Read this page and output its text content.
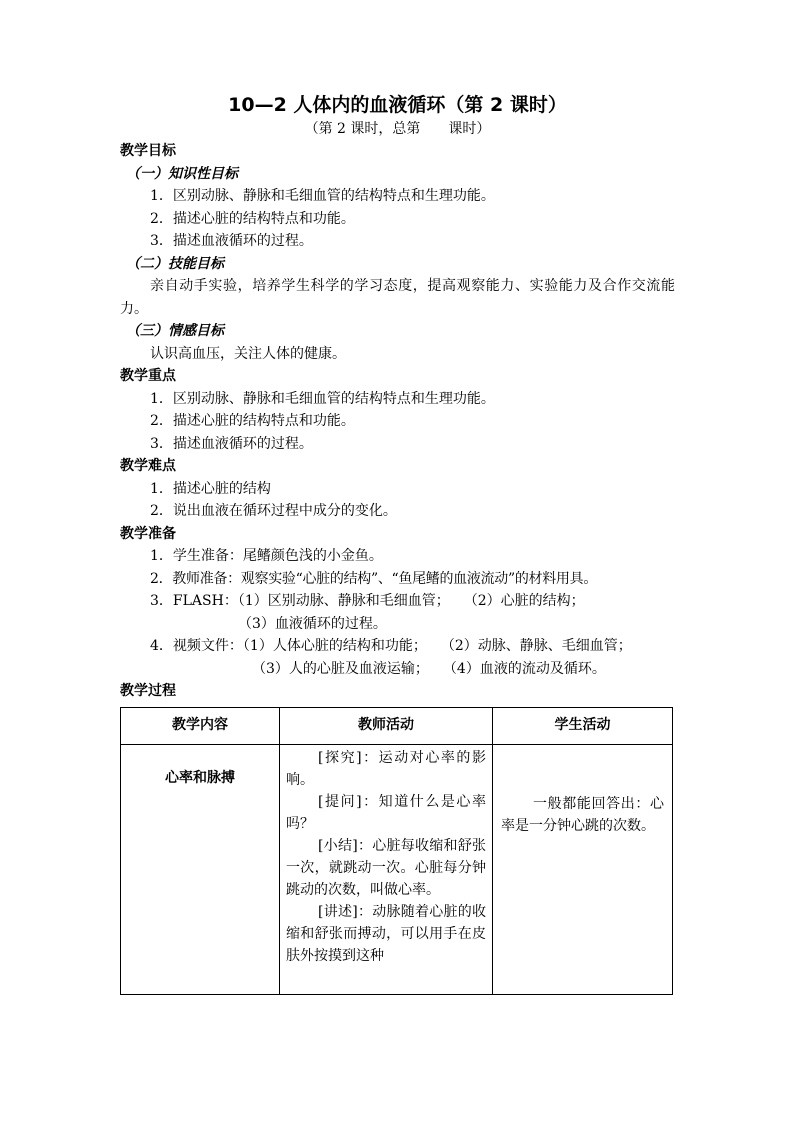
10—2 人体内的血液循环（第 2 课时）
（第 2 课时，总第　　课时）
教学目标
（一）知识性目标
1．区别动脉、静脉和毛细血管的结构特点和生理功能。
2．描述心脏的结构特点和功能。
3．描述血液循环的过程。
（二）技能目标
亲自动手实验，培养学生科学的学习态度，提高观察能力、实验能力及合作交流能力。
（三）情感目标
认识高血压，关注人体的健康。
教学重点
1．区别动脉、静脉和毛细血管的结构特点和生理功能。
2．描述心脏的结构特点和功能。
3．描述血液循环的过程。
教学难点
1．描述心脏的结构
2．说出血液在循环过程中成分的变化。
教学准备
1．学生准备：尾鳍颜色浅的小金鱼。
2．教师准备：观察实验“心脏的结构”、“鱼尾鳍的血液流动”的材料用具。
3．FLASH：（1）区别动脉、静脉和毛细血管；　　（2）心脏的结构；
（3）血液循环的过程。
4．视频文件：（1）人体心脏的结构和功能；　　（2）动脉、静脉、毛细血管；
（3）人的心脏及血液运输；　　（4）血液的流动及循环。
教学过程
教学内容	教师活动	学生活动
心率和脉搏	[探究]：运动对心率的影响。

[提问]：知道什么是心率吗？

[小结]：心脏每收缩和舒张一次，就跳动一次。心脏每分钟跳动的次数，叫做心率。

[讲述]：动脉随着心脏的收缩和舒张而搏动，可以用手在皮肤外按摸到这种	一般都能回答出：心率是一分钟心跳的次数。
